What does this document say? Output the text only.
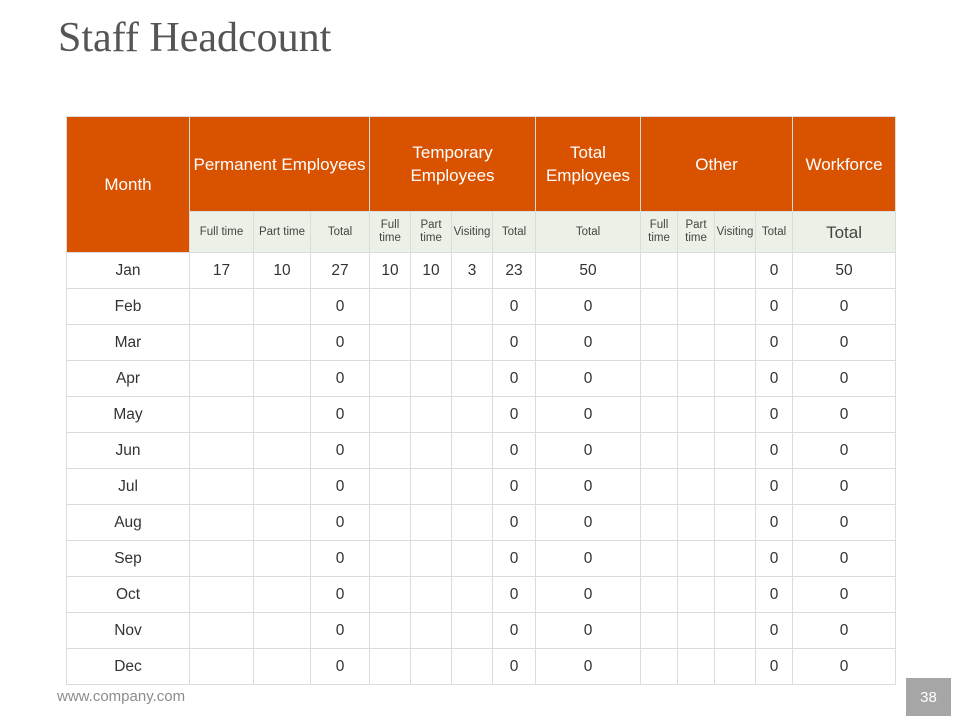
Staff Headcount
Month	Permanent Employees			Temporary Employees				Total Employees	Other				Workforce
	Full time	Part time	Total	Full time	Part time	Visiting	Total	Total	Full time	Part time	Visiting	Total	Total
Jan	17	10	27	10	10	3	23	50				0	50
Feb			0				0	0				0	0
Mar			0				0	0				0	0
Apr			0				0	0				0	0
May			0				0	0				0	0
Jun			0				0	0				0	0
Jul			0				0	0				0	0
Aug			0				0	0				0	0
Sep			0				0	0				0	0
Oct			0				0	0				0	0
Nov			0				0	0				0	0
Dec			0				0	0				0	0
www.company.com	38
